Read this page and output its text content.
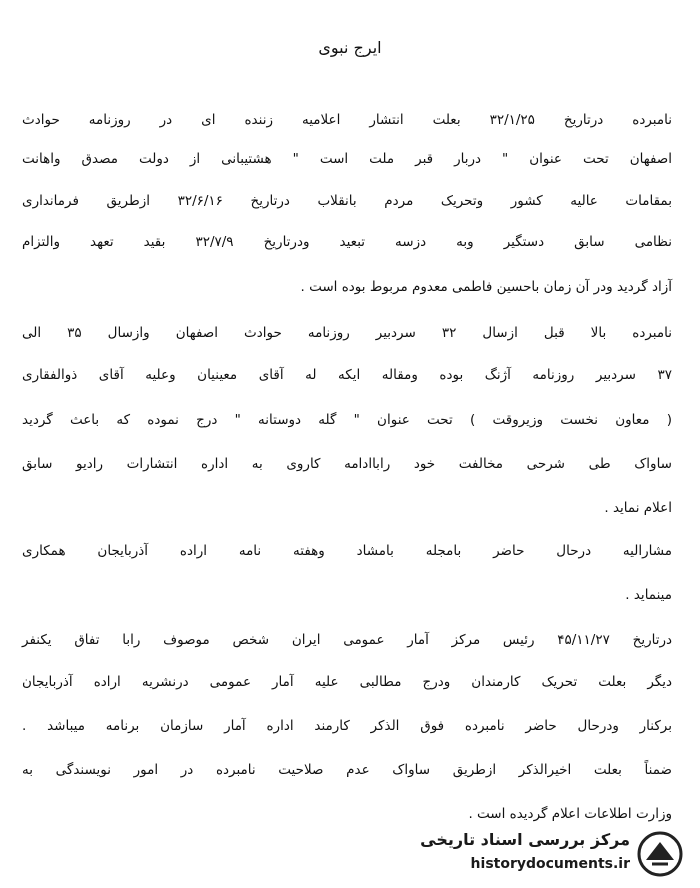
ایرج نبوی
نامبرده درتاریخ ۳۲/۱/۲۵ بعلت انتشار اعلامیه زننده ای در روزنامه حوادث
اصفهان تحت عنوان " دربار قبر ملت است " هشتیبانی از دولت مصدق واهانت
بمقامات عالیه کشور وتحریک مردم بانقلاب درتاریخ ۳۲/۶/۱۶ ازطریق فرمانداری
نظامی سابق دستگیر وبه دزسه تبعید ودرتاریخ ۳۲/۷/۹ بقید تعهد والتزام
آزاد گردید ودر آن زمان باحسین فاطمی معدوم مربوط بوده است .
نامبرده بالا قبل ازسال ۳۲ سردبیر روزنامه حوادث اصفهان وازسال ۳۵ الی
۳۷ سردبیر روزنامه آژنگ بوده ومقاله ایکه له آقای معینیان وعلیه آقای ذوالفقاری
( معاون نخست وزیروقت ) تحت عنوان " گله دوستانه " درج نموده که باعث گردید
ساواک طی شرحی مخالفت خود راباادامه کاروی به اداره انتشارات رادیو سابق
اعلام نماید .
مشارالیه درحال حاضر بامجله بامشاد وهفته نامه اراده آذربایجان همکاری
مینماید .
درتاریخ ۴۵/۱۱/۲۷ رئیس مرکز آمار عمومی ایران شخص موصوف رابا تفاق یکنفر
دیگر بعلت تحریک کارمندان ودرج مطالبی علیه آمار عمومی درنشریه اراده آذربایجان
برکنار ودرحال حاضر نامبرده فوق الذکر کارمند اداره آمار سازمان برنامه میباشد .
ضمناً بعلت اخیرالذکر ازطریق ساواک عدم صلاحیت نامبرده در امور نویسندگی به
وزارت اطلاعات اعلام گردیده است .
مرکز بررسی اسناد تاریخی
historydocuments.ir
